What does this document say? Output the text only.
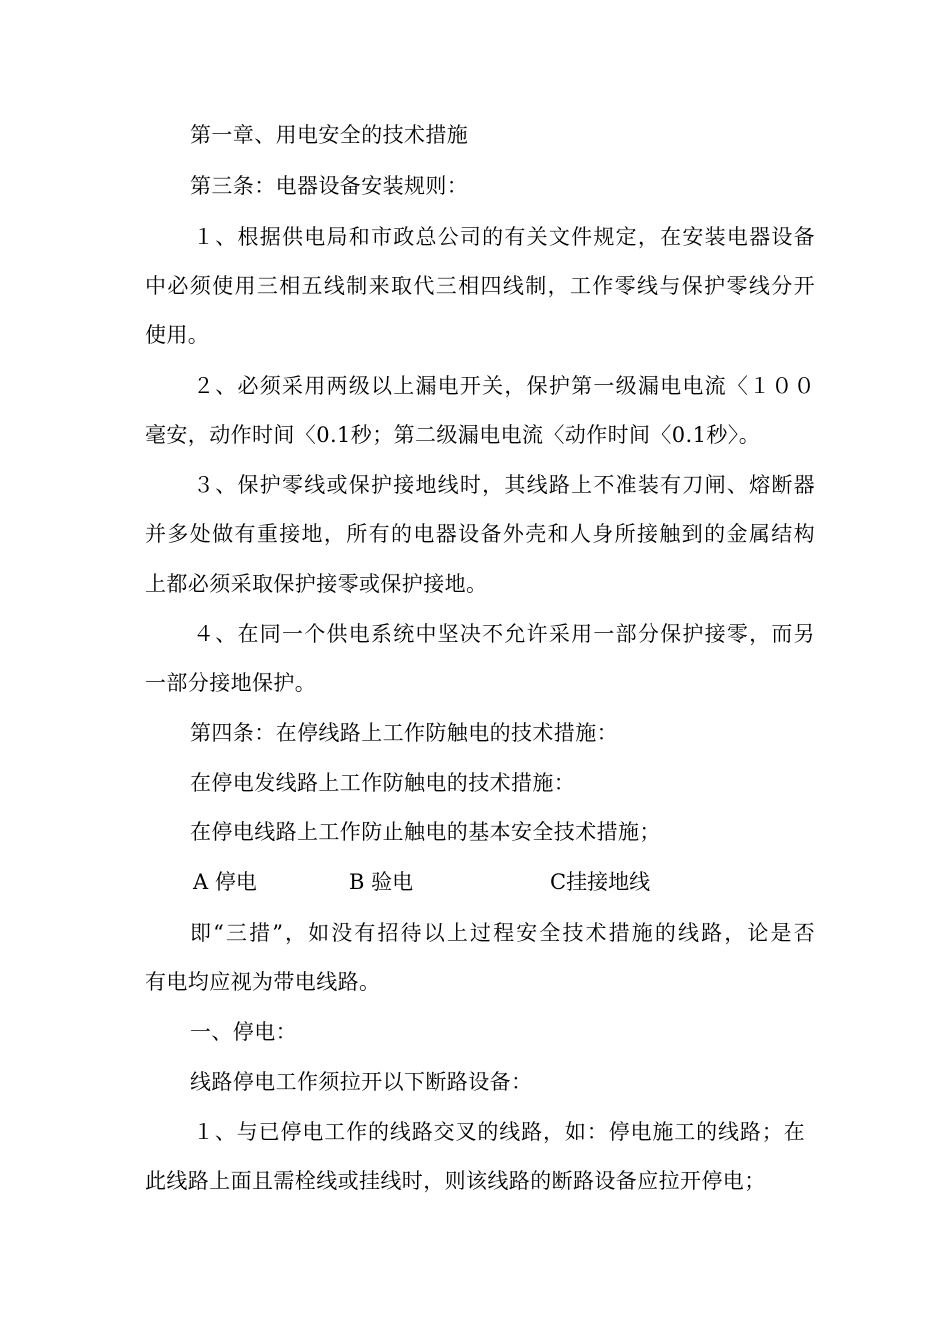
第一章、用电安全的技术措施
第三条：电器设备安装规则：
１、根据供电局和市政总公司的有关文件规定，在安装电器设备
中必须使用三相五线制来取代三相四线制，工作零线与保护零线分开
使用。
２、必须采用两级以上漏电开关，保护第一级漏电电流〈１００
毫安，动作时间〈0.1秒；第二级漏电电流〈动作时间〈0.1秒〉。
３、保护零线或保护接地线时，其线路上不准装有刀闸、熔断器
并多处做有重接地，所有的电器设备外壳和人身所接触到的金属结构
上都必须采取保护接零或保护接地。
４、在同一个供电系统中坚决不允许采用一部分保护接零，而另
一部分接地保护。
第四条：在停线路上工作防触电的技术措施：
在停电发线路上工作防触电的技术措施：
在停电线路上工作防止触电的基本安全技术措施；
A 停电	B 验电	C挂接地线
即“三措”，如没有招待以上过程安全技术措施的线路，论是否
有电均应视为带电线路。
一、停电：
线路停电工作须拉开以下断路设备：
１、与已停电工作的线路交叉的线路，如：停电施工的线路；在
此线路上面且需栓线或挂线时，则该线路的断路设备应拉开停电；
